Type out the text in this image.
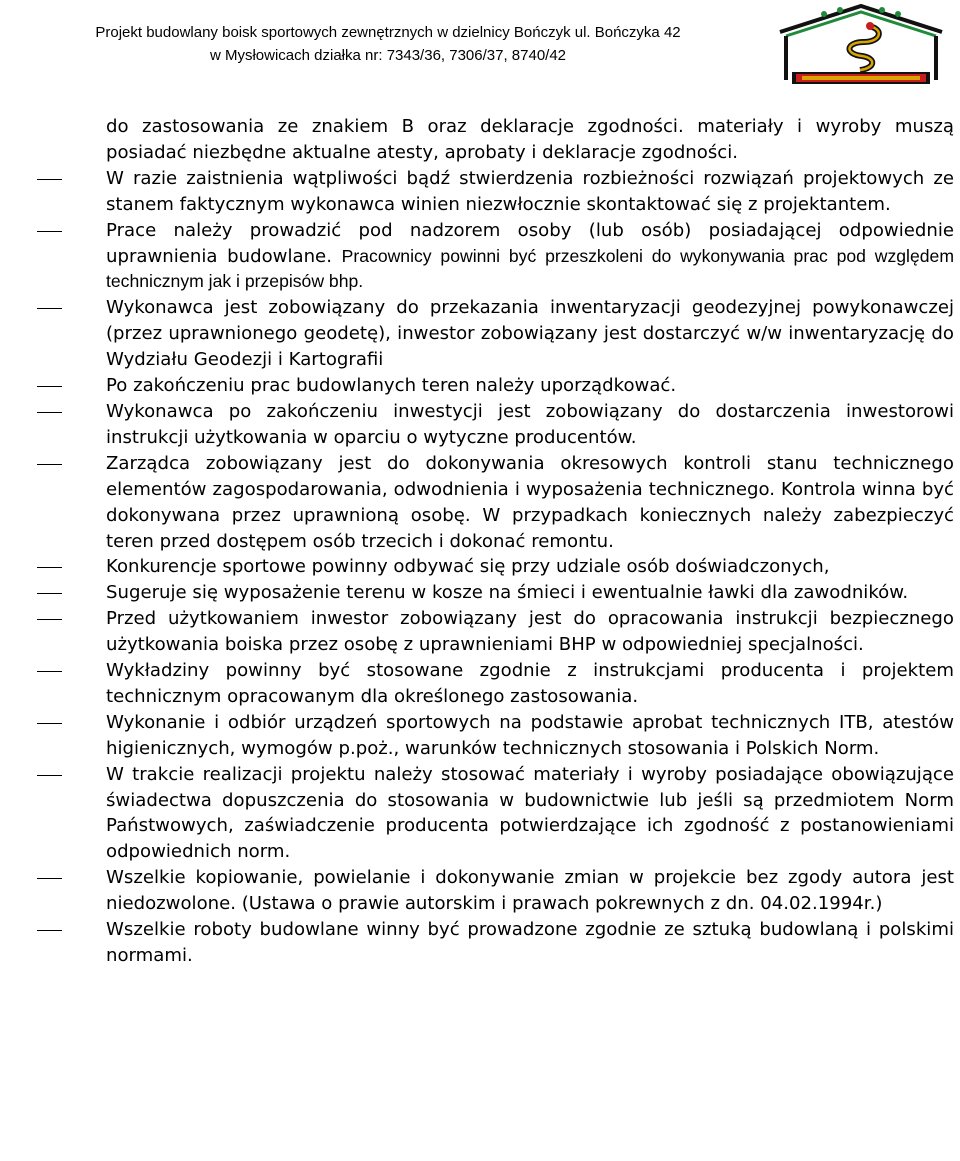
Projekt budowlany boisk sportowych zewnętrznych w dzielnicy Bończyk ul. Bończyka 42
w Mysłowicach działka nr: 7343/36, 7306/37, 8740/42
do zastosowania ze znakiem B oraz deklaracje zgodności. materiały i wyroby muszą posiadać niezbędne aktualne atesty, aprobaty i deklaracje zgodności.
W razie zaistnienia wątpliwości bądź stwierdzenia rozbieżności rozwiązań projektowych ze stanem faktycznym wykonawca winien niezwłocznie skontaktować się z projektantem.
Prace należy prowadzić pod nadzorem osoby (lub osób) posiadającej odpowiednie uprawnienia budowlane. Pracownicy powinni być przeszkoleni do wykonywania prac pod względem technicznym jak i przepisów bhp.
Wykonawca jest zobowiązany do przekazania inwentaryzacji geodezyjnej powykonawczej (przez uprawnionego geodetę), inwestor zobowiązany jest dostarczyć w/w inwentaryzację do Wydziału Geodezji i Kartografii
Po zakończeniu prac budowlanych teren należy uporządkować.
Wykonawca po zakończeniu inwestycji jest zobowiązany do dostarczenia inwestorowi instrukcji użytkowania w oparciu o wytyczne producentów.
Zarządca zobowiązany jest do dokonywania okresowych kontroli stanu technicznego elementów zagospodarowania, odwodnienia i wyposażenia technicznego. Kontrola winna być dokonywana przez uprawnioną osobę. W przypadkach koniecznych należy zabezpieczyć teren przed dostępem osób trzecich i dokonać remontu.
Konkurencje sportowe powinny odbywać się przy udziale osób doświadczonych,
Sugeruje się wyposażenie terenu w kosze na śmieci i ewentualnie ławki dla zawodników.
Przed użytkowaniem inwestor zobowiązany jest do opracowania instrukcji bezpiecznego użytkowania boiska przez osobę z uprawnieniami BHP w odpowiedniej specjalności.
Wykładziny powinny być stosowane zgodnie z instrukcjami producenta i projektem technicznym opracowanym dla określonego zastosowania.
Wykonanie i odbiór urządzeń sportowych na podstawie aprobat technicznych ITB, atestów higienicznych, wymogów p.poż., warunków technicznych stosowania i Polskich Norm.
W trakcie realizacji projektu należy stosować materiały i wyroby posiadające obowiązujące świadectwa dopuszczenia do stosowania w budownictwie lub jeśli są przedmiotem Norm Państwowych, zaświadczenie producenta potwierdzające ich zgodność z postanowieniami odpowiednich norm.
Wszelkie kopiowanie, powielanie i dokonywanie zmian w projekcie bez zgody autora jest niedozwolone. (Ustawa o prawie autorskim i prawach pokrewnych z dn. 04.02.1994r.)
Wszelkie roboty budowlane winny być prowadzone zgodnie ze sztuką budowlaną i polskimi normami.
